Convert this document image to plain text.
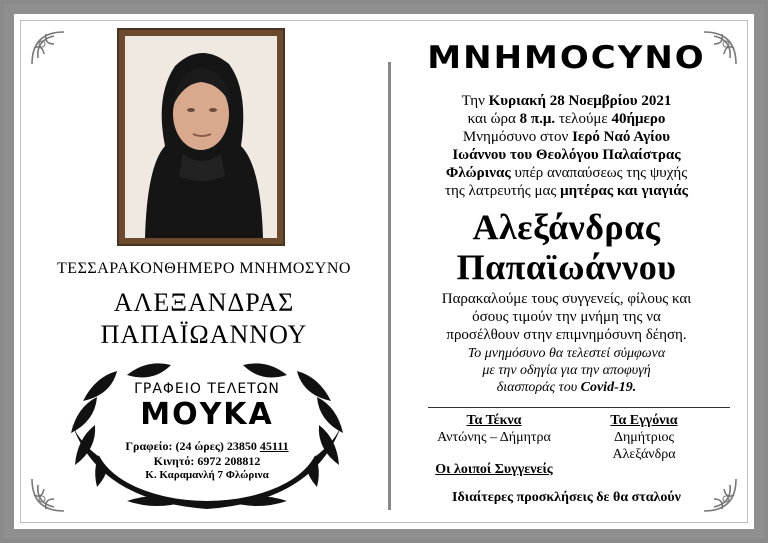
ΤΕΣΣΑΡΑΚΟΝΘΗΜΕΡΟ ΜΝΗΜΟΣΥΝΟ
ΑΛΕΞΑΝΔΡΑΣ
ΠΑΠΑΪΩΑΝΝΟΥ
ΓΡΑΦΕΙΟ ΤΕΛΕΤΩΝ
ΜΟΥΚΑ
Γραφείο: (24 ώρες) 23850 45111
Κινητό: 6972 208812
Κ. Καραμανλή 7 Φλώρινα
ΜΝΗΜΟCΥΝΟ
Την Κυριακή 28 Νοεμβρίου 2021
και ώρα 8 π.μ. τελούμε 40ήμερο
Μνημόσυνο στον Ιερό Ναό Αγίου
Ιωάννου του Θεολόγου Παλαίστρας
Φλώρινας υπέρ αναπαύσεως της ψυχής
της λατρευτής μας μητέρας και γιαγιάς
Αλεξάνδρας
Παπαϊωάννου
Παρακαλούμε τους συγγενείς, φίλους και
όσους τιμούν την μνήμη της να
προσέλθουν στην επιμνημόσυνη δέηση.
Το μνημόσυνο θα τελεστεί σύμφωνα
με την οδηγία για την αποφυγή
διασποράς του Covid-19.
Τα Τέκνα
Αντώνης – Δήμητρα
Τα Εγγόνια
Δημήτριος
Αλεξάνδρα
Οι λοιποί Συγγενείς
Ιδιαίτερες προσκλήσεις δε θα σταλούν
